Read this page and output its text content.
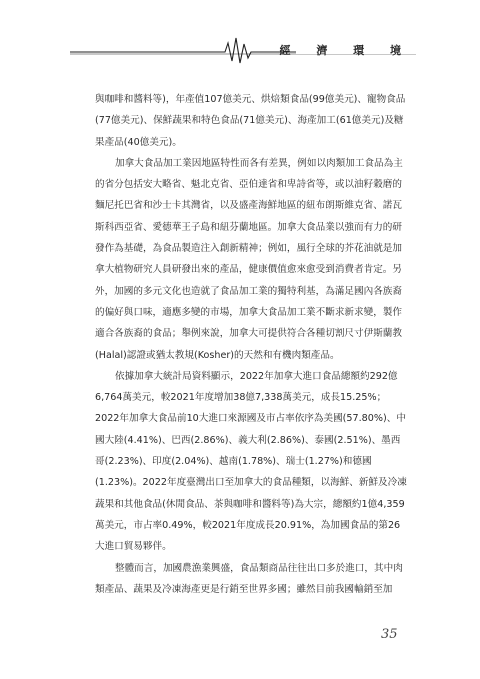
經 濟 環 境

與咖啡和醬料等)，年產值107億美元、烘焙類食品(99億美元)、寵物食品(77億美元)、保鮮蔬果和特色食品(71億美元)、海產加工(61億美元)及糖果產品(40億美元)。

加拿大食品加工業因地區特性而各有差異，例如以肉類加工食品為主的省分包括安大略省、魁北克省、亞伯達省和卑詩省等，或以油籽穀磨的麵尼托巴省和沙士卡其灣省，以及盛產海鮮地區的紐布朗斯維克省、諾瓦斯科西亞省、愛德華王子島和紐芬蘭地區。加拿大食品業以強而有力的研發作為基礎，為食品製造注入創新精神；例如，風行全球的芥花油就是加拿大植物研究人員研發出來的產品，健康價值愈來愈受到消費者肯定。另外，加國的多元文化也造就了食品加工業的獨特利基，為滿足國內各族裔的偏好與口味，適應多變的市場，加拿大食品加工業不斷求新求變，製作適合各族裔的食品；舉例來說，加拿大可提供符合各種切割尺寸伊斯蘭教(Halal)認證或猶太教規(Kosher)的天然和有機肉類產品。

依據加拿大統計局資料顯示，2022年加拿大進口食品總額約292億6,764萬美元，較2021年度增加38億7,338萬美元，成長15.25%；2022年加拿大食品前10大進口來源國及市占率依序為美國(57.80%)、中國大陸(4.41%)、巴西(2.86%)、義大利(2.86%)、泰國(2.51%)、墨西哥(2.23%)、印度(2.04%)、越南(1.78%)、瑞士(1.27%)和德國(1.23%)。2022年度臺灣出口至加拿大的食品種類，以海鮮、新鮮及冷凍蔬果和其他食品(休閒食品、茶與咖啡和醬料等)為大宗，總額約1億4,359萬美元，市占率0.49%，較2021年度成長20.91%，為加國食品的第26大進口貿易夥伴。

整體而言，加國農漁業興盛，食品類商品往往出口多於進口，其中肉類產品、蔬果及冷凍海產更是行銷至世界多國；雖然目前我國輸銷至加

35
